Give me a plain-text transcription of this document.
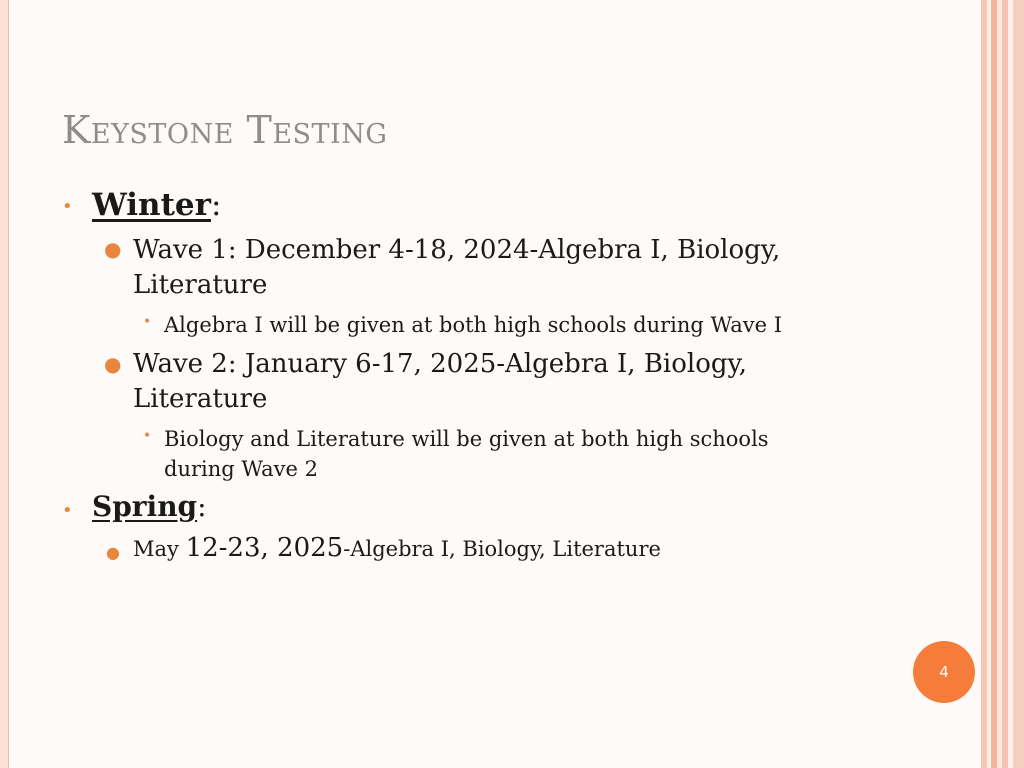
Keystone Testing
• Winter:
● Wave 1: December 4-18, 2024-Algebra I, Biology,
Literature
• Algebra I will be given at both high schools during Wave I
● Wave 2: January 6-17, 2025-Algebra I, Biology,
Literature
• Biology and Literature will be given at both high schools
during Wave 2
• Spring:
● May 12-23, 2025-Algebra I, Biology, Literature
4
